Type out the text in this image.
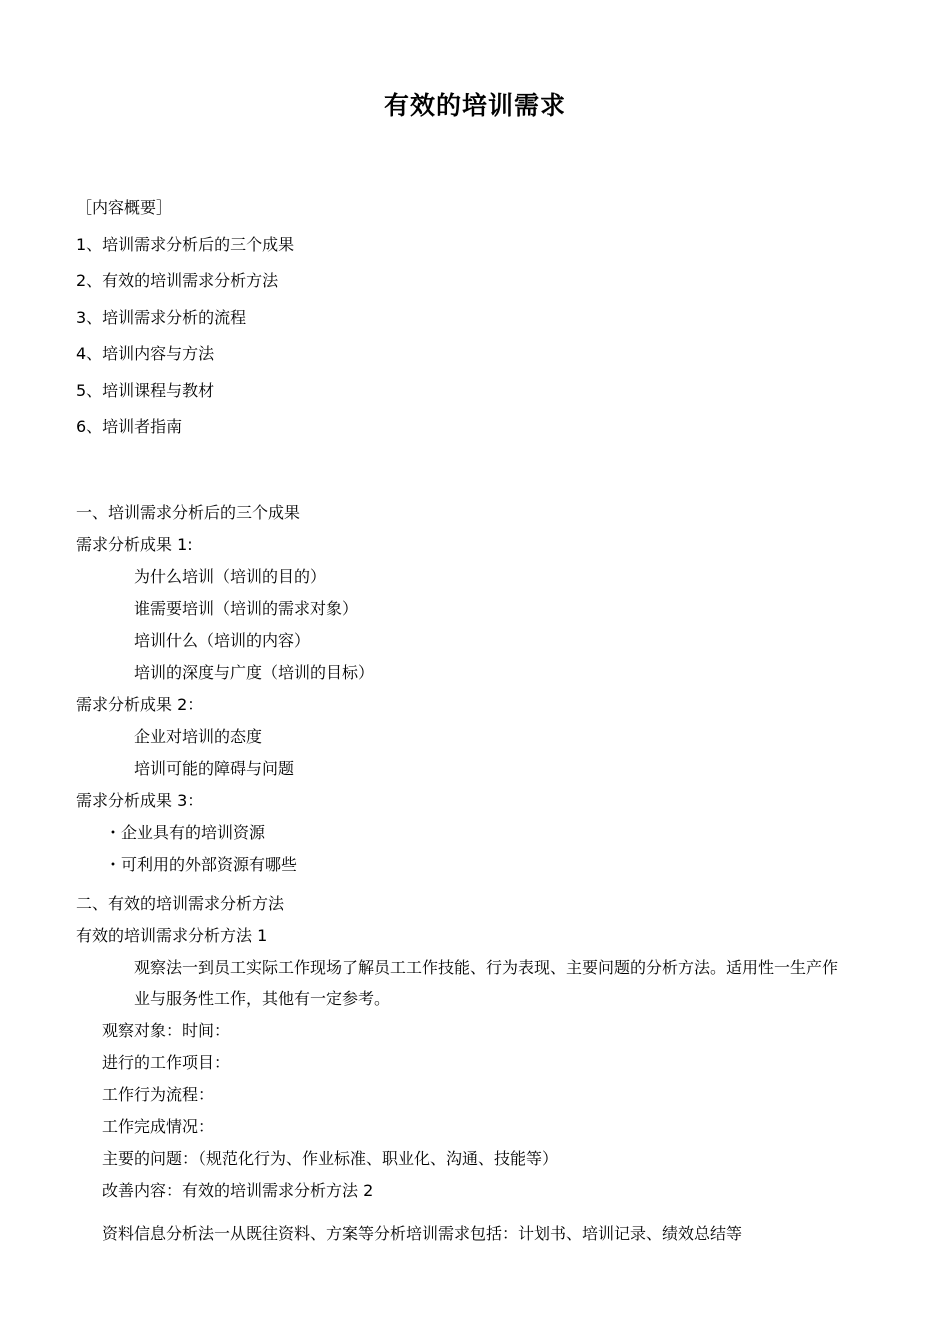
有效的培训需求
［内容概要］
1、培训需求分析后的三个成果
2、有效的培训需求分析方法
3、培训需求分析的流程
4、培训内容与方法
5、培训课程与教材
6、培训者指南
一、培训需求分析后的三个成果
需求分析成果 1:
为什么培训（培训的目的）
谁需要培训（培训的需求对象）
培训什么（培训的内容）
培训的深度与广度（培训的目标）
需求分析成果 2：
企业对培训的态度
培训可能的障碍与问题
需求分析成果 3：
・企业具有的培训资源
・可利用的外部资源有哪些
二、有效的培训需求分析方法
有效的培训需求分析方法 1
观察法一到员工实际工作现场了解员工工作技能、行为表现、主要问题的分析方法。适用性一生产作
业与服务性工作，其他有一定参考。
观察对象：时间：
进行的工作项目：
工作行为流程：
工作完成情况：
主要的问题：（规范化行为、作业标准、职业化、沟通、技能等）
改善内容：有效的培训需求分析方法 2
资料信息分析法一从既往资料、方案等分析培训需求包括：计划书、培训记录、绩效总结等
